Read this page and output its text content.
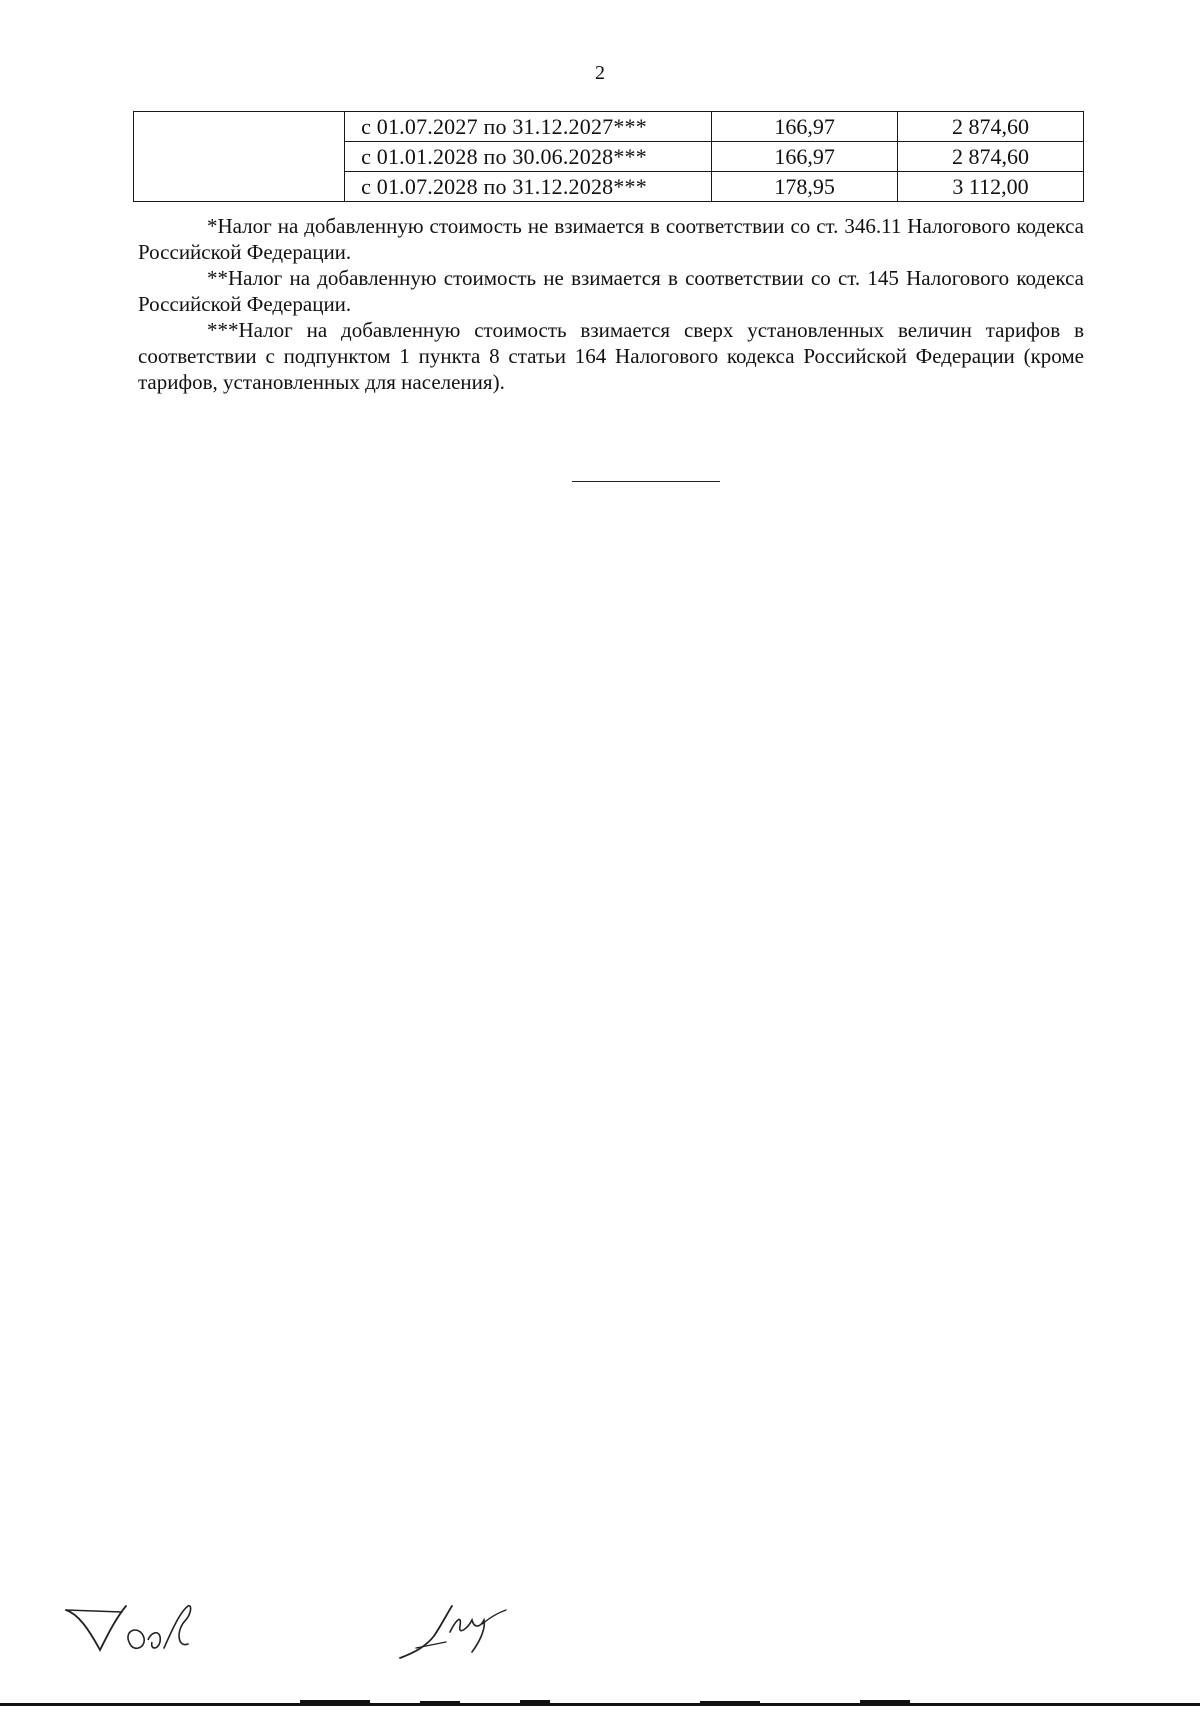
2
	с 01.07.2027 по 31.12.2027***	166,97	2 874,60
	с 01.01.2028 по 30.06.2028***	166,97	2 874,60
	с 01.07.2028 по 31.12.2028***	178,95	3 112,00

*Налог на добавленную стоимость не взимается в соответствии со ст. 346.11 Налогового кодекса Российской Федерации.

**Налог на добавленную стоимость не взимается в соответствии со ст. 145 Налогового кодекса Российской Федерации.

***Налог на добавленную стоимость взимается сверх установленных величин тарифов в соответствии с подпунктом 1 пункта 8 статьи 164 Налогового кодекса Российской Федерации (кроме тарифов, установленных для населения).
